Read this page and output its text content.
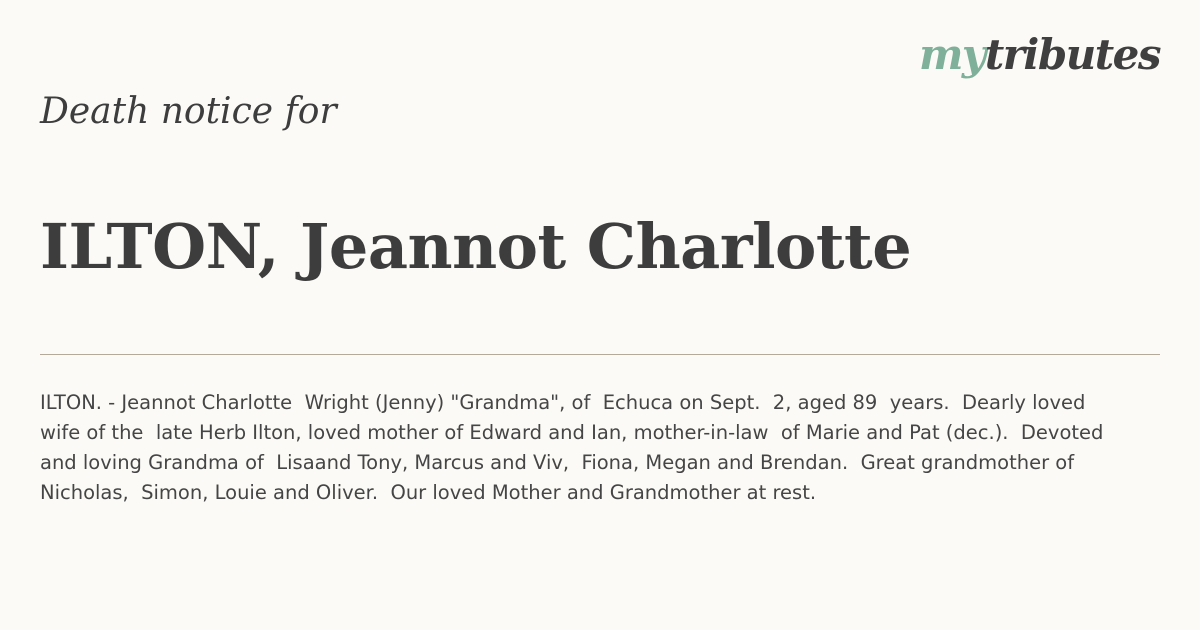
mytributes
Death notice for
ILTON, Jeannot Charlotte

ILTON. - Jeannot Charlotte  Wright (Jenny) "Grandma", of  Echuca on Sept.  2, aged 89  years.  Dearly loved wife of the  late Herb Ilton, loved mother of Edward and Ian, mother-in-law  of Marie and Pat (dec.).  Devoted and loving Grandma of  Lisaand Tony, Marcus and Viv,  Fiona, Megan and Brendan.  Great grandmother of Nicholas,  Simon, Louie and Oliver.  Our loved Mother and Grandmother at rest.
